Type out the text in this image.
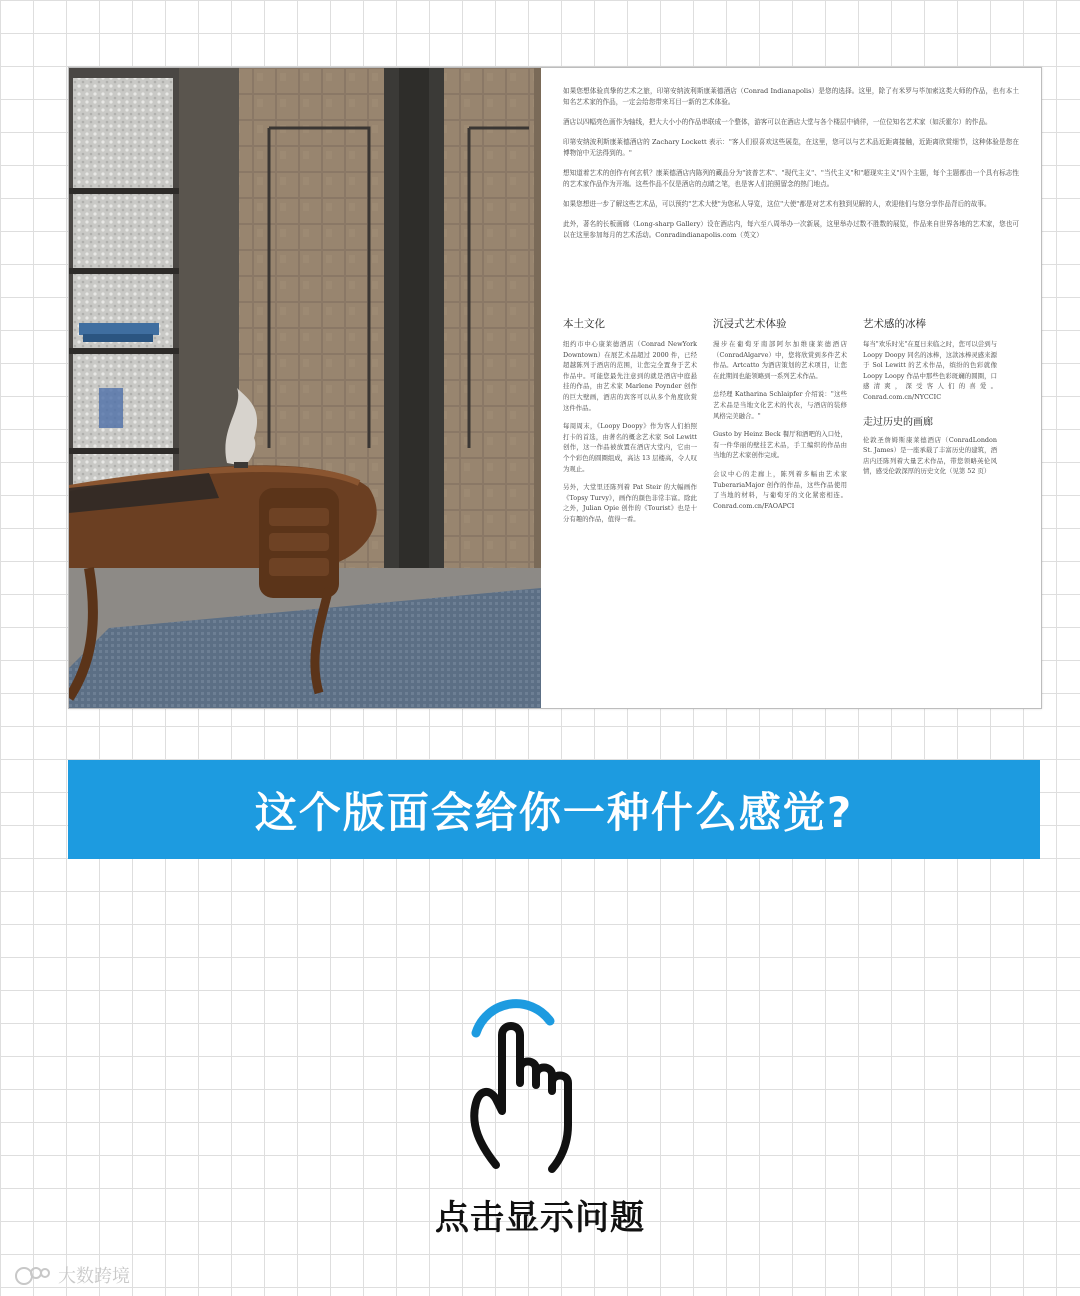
如果您想体验真挚的艺术之旅，印第安纳波利斯康莱德酒店（Conrad Indianapolis）是您的选择。这里，除了有米罗与毕加索这类大师的作品，也有本土知名艺术家的作品，一定会给您带来耳目一新的艺术体验。

酒店以四幅亮色画作为轴线，把大大小小的作品串联成一个整体，游客可以在酒店大堂与各个楼层中徜徉，一位位知名艺术家（如沃霍尔）的作品。

印第安纳波利斯康莱德酒店的 Zachary Lockett 表示："客人们很喜欢这些展览，在这里，您可以与艺术品近距离接触，近距离欣赏细节，这种体验是您在博物馆中无法得到的。"

想知道着艺术的创作有何玄机？康莱德酒店内陈列的藏品分为"波普艺术"、"现代主义"、"当代主义"和"超现实主义"四个主题，每个主题都由一个具有标志性的艺术家作品作为开端。这些作品不仅是酒店的点睛之笔，也是客人们拍照留念的热门地点。

如果您想进一步了解这些艺术品，可以预约"艺术大使"为您私人导览，这位"大使"都是对艺术有独到见解的人，欢迎他们与您分享作品背后的故事。

此外，著名的长板画廊（Long-sharp Gallery）设在酒店内，每六至八周举办一次新展，这里举办过数不胜数的展览，作品来自世界各地的艺术家，您也可以在这里参加每月的艺术活动。Conradindianapolis.com（英文）

本土文化

纽约市中心康莱德酒店（Conrad NewYork Downtown）在展艺术品超过 2000 件，已经超越陈列于酒店的范围，让您完全置身于艺术作品中。可能您最先注意到的就是酒店中庭悬挂的作品，由艺术家 Marlene Poynder 创作的巨大壁画，酒店的宾客可以从多个角度欣赏这件作品。

每周周末，《Loopy Doopy》作为客人们拍照打卡的首选，由著名的概念艺术家 Sol Lewitt 创作，这一作品被放置在酒店大堂内，它由一个个彩色的圆圈组成，高达 13 层楼高，令人叹为观止。

另外，大堂里还陈列着 Pat Steir 的大幅画作《Topsy Turvy》，画作的颜色非常丰富。除此之外，Julian Opie 创作的《Tourist》也是十分有趣的作品，值得一看。

沉浸式艺术体验

漫步在葡萄牙南部阿尔加维康莱德酒店（ConradAlgarve）中，您将欣赏到多件艺术作品。Artcatto 为酒店策划的艺术项目，让您在此期间也能领略到一系列艺术作品。

总经理 Katharina Schlaipfer 介绍说："这些艺术品是当地文化艺术的代表，与酒店的装修风格完美融合。"

Gusto by Heinz Beck 餐厅和酒吧的入口处，有一件华丽的壁挂艺术品，手工编织的作品由当地的艺术家创作完成。

会议中心的走廊上，陈列着多幅由艺术家 TuberariaMajor 创作的作品，这些作品使用了当地的材料，与葡萄牙的文化紧密相连。Conrad.com.cn/FAOAPCI

艺术感的冰棒

每当"欢乐时光"在夏日来临之时，您可以尝到与 Loopy Doopy 同名的冰棒，这款冰棒灵感来源于 Sol Lewitt 的艺术作品，缤纷的色彩就像 Loopy Loopy 作品中那些色彩斑斓的圆圈，口感清爽，深受客人们的喜爱。Conrad.com.cn/NYCCIC

走过历史的画廊

伦敦圣詹姆斯康莱德酒店（ConradLondon St. James）是一座承载了丰富历史的建筑，酒店内还陈列着大量艺术作品，带您领略英伦风情，感受伦敦深厚的历史文化（见第 52 页）

这个版面会给你一种什么感觉?
点击显示问题
大数跨境
